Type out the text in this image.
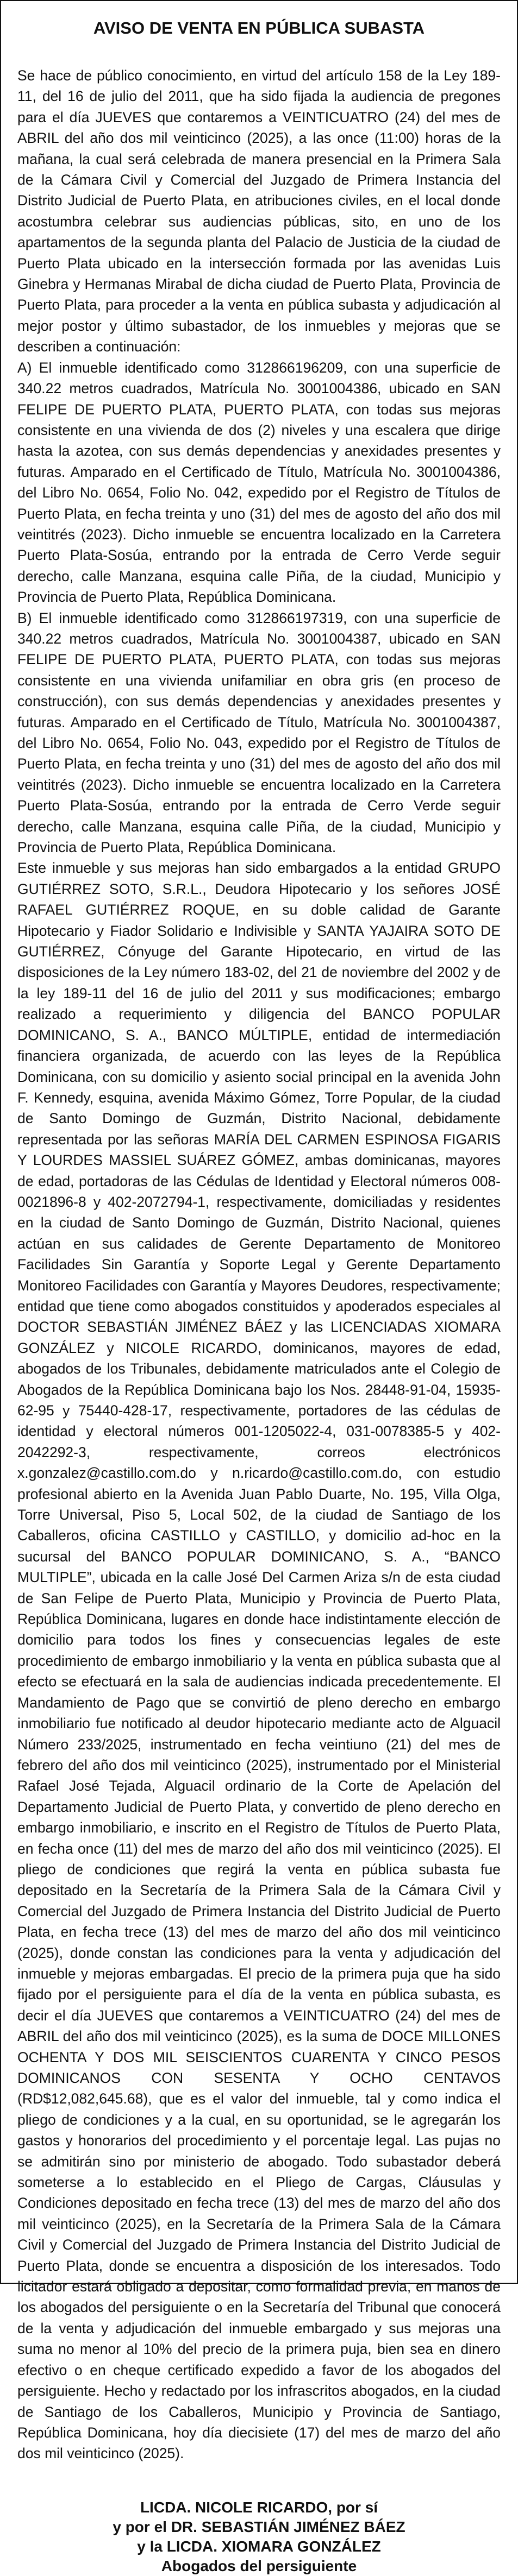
AVISO DE VENTA EN PÚBLICA SUBASTA

Se hace de público conocimiento, en virtud del artículo 158 de la Ley 189-11, del 16 de julio del 2011, que ha sido fijada la audiencia de pregones para el día JUEVES que contaremos a VEINTICUATRO (24) del mes de ABRIL del año dos mil veinticinco (2025), a las once (11:00) horas de la mañana, la cual será celebrada de manera presencial en la Primera Sala de la Cámara Civil y Comercial del Juzgado de Primera Instancia del Distrito Judicial de Puerto Plata, en atribuciones civiles, en el local donde acostumbra celebrar sus audiencias públicas, sito, en uno de los apartamentos de la segunda planta del Palacio de Justicia de la ciudad de Puerto Plata ubicado en la intersección formada por las avenidas Luis Ginebra y Hermanas Mirabal de dicha ciudad de Puerto Plata, Provincia de Puerto Plata, para proceder a la venta en pública subasta y adjudicación al mejor postor y último subastador, de los inmuebles y mejoras que se describen a continuación:

A) El inmueble identificado como 312866196209, con una superficie de 340.22 metros cuadrados, Matrícula No. 3001004386, ubicado en SAN FELIPE DE PUERTO PLATA, PUERTO PLATA, con todas sus mejoras consistente en una vivienda de dos (2) niveles y una escalera que dirige hasta la azotea, con sus demás dependencias y anexidades presentes y futuras. Amparado en el Certificado de Título, Matrícula No. 3001004386, del Libro No. 0654, Folio No. 042, expedido por el Registro de Títulos de Puerto Plata, en fecha treinta y uno (31) del mes de agosto del año dos mil veintitrés (2023). Dicho inmueble se encuentra localizado en la Carretera Puerto Plata-Sosúa, entrando por la entrada de Cerro Verde seguir derecho, calle Manzana, esquina calle Piña, de la ciudad, Municipio y Provincia de Puerto Plata, República Dominicana.

B) El inmueble identificado como 312866197319, con una superficie de 340.22 metros cuadrados, Matrícula No. 3001004387, ubicado en SAN FELIPE DE PUERTO PLATA, PUERTO PLATA, con todas sus mejoras consistente en una vivienda unifamiliar en obra gris (en proceso de construcción), con sus demás dependencias y anexidades presentes y futuras. Amparado en el Certificado de Título, Matrícula No. 3001004387, del Libro No. 0654, Folio No. 043, expedido por el Registro de Títulos de Puerto Plata, en fecha treinta y uno (31) del mes de agosto del año dos mil veintitrés (2023). Dicho inmueble se encuentra localizado en la Carretera Puerto Plata-Sosúa, entrando por la entrada de Cerro Verde seguir derecho, calle Manzana, esquina calle Piña, de la ciudad, Municipio y Provincia de Puerto Plata, República Dominicana.

Este inmueble y sus mejoras han sido embargados a la entidad GRUPO GUTIÉRREZ SOTO, S.R.L., Deudora Hipotecario y los señores JOSÉ RAFAEL GUTIÉRREZ ROQUE, en su doble calidad de Garante Hipotecario y Fiador Solidario e Indivisible y SANTA YAJAIRA SOTO DE GUTIÉRREZ, Cónyuge del Garante Hipotecario, en virtud de las disposiciones de la Ley número 183-02, del 21 de noviembre del 2002 y de la ley 189-11 del 16 de julio del 2011 y sus modificaciones; embargo realizado a requerimiento y diligencia del BANCO POPULAR DOMINICANO, S. A., BANCO MÚLTIPLE, entidad de intermediación financiera organizada, de acuerdo con las leyes de la República Dominicana, con su domicilio y asiento social principal en la avenida John F. Kennedy, esquina, avenida Máximo Gómez, Torre Popular, de la ciudad de Santo Domingo de Guzmán, Distrito Nacional, debidamente representada por las señoras MARÍA DEL CARMEN ESPINOSA FIGARIS Y LOURDES MASSIEL SUÁREZ GÓMEZ, ambas dominicanas, mayores de edad, portadoras de las Cédulas de Identidad y Electoral números 008-0021896-8 y 402-2072794-1, respectivamente, domiciliadas y residentes en la ciudad de Santo Domingo de Guzmán, Distrito Nacional, quienes actúan en sus calidades de Gerente Departamento de Monitoreo Facilidades Sin Garantía y Soporte Legal y Gerente Departamento Monitoreo Facilidades con Garantía y Mayores Deudores, respectivamente; entidad que tiene como abogados constituidos y apoderados especiales al DOCTOR SEBASTIÁN JIMÉNEZ BÁEZ y las LICENCIADAS XIOMARA GONZÁLEZ y NICOLE RICARDO, dominicanos, mayores de edad, abogados de los Tribunales, debidamente matriculados ante el Colegio de Abogados de la República Dominicana bajo los Nos. 28448-91-04, 15935-62-95 y 75440-428-17, respectivamente, portadores de las cédulas de identidad y electoral números 001-1205022-4, 031-0078385-5 y 402-2042292-3, respectivamente, correos electrónicos x.gonzalez@castillo.com.do y n.ricardo@castillo.com.do, con estudio profesional abierto en la Avenida Juan Pablo Duarte, No. 195, Villa Olga, Torre Universal, Piso 5, Local 502, de la ciudad de Santiago de los Caballeros, oficina CASTILLO y CASTILLO, y domicilio ad-hoc en la sucursal del BANCO POPULAR DOMINICANO, S. A., “BANCO MULTIPLE”, ubicada en la calle José Del Carmen Ariza s/n de esta ciudad de San Felipe de Puerto Plata, Municipio y Provincia de Puerto Plata, República Dominicana, lugares en donde hace indistintamente elección de domicilio para todos los fines y consecuencias legales de este procedimiento de embargo inmobiliario y la venta en pública subasta que al efecto se efectuará en la sala de audiencias indicada precedentemente. El Mandamiento de Pago que se convirtió de pleno derecho en embargo inmobiliario fue notificado al deudor hipotecario mediante acto de Alguacil Número 233/2025, instrumentado en fecha veintiuno (21) del mes de febrero del año dos mil veinticinco (2025), instrumentado por el Ministerial Rafael José Tejada, Alguacil ordinario de la Corte de Apelación del Departamento Judicial de Puerto Plata, y convertido de pleno derecho en embargo inmobiliario, e inscrito en el Registro de Títulos de Puerto Plata, en fecha once (11) del mes de marzo del año dos mil veinticinco (2025). El pliego de condiciones que regirá la venta en pública subasta fue depositado en la Secretaría de la Primera Sala de la Cámara Civil y Comercial del Juzgado de Primera Instancia del Distrito Judicial de Puerto Plata, en fecha trece (13) del mes de marzo del año dos mil veinticinco (2025), donde constan las condiciones para la venta y adjudicación del inmueble y mejoras embargadas. El precio de la primera puja que ha sido fijado por el persiguiente para el día de la venta en pública subasta, es decir el día JUEVES que contaremos a VEINTICUATRO (24) del mes de ABRIL del año dos mil veinticinco (2025), es la suma de DOCE MILLONES OCHENTA Y DOS MIL SEISCIENTOS CUARENTA Y CINCO PESOS DOMINICANOS CON SESENTA Y OCHO CENTAVOS (RD$12,082,645.68), que es el valor del inmueble, tal y como indica el pliego de condiciones y a la cual, en su oportunidad, se le agregarán los gastos y honorarios del procedimiento y el porcentaje legal. Las pujas no se admitirán sino por ministerio de abogado. Todo subastador deberá someterse a lo establecido en el Pliego de Cargas, Cláusulas y Condiciones depositado en fecha trece (13) del mes de marzo del año dos mil veinticinco (2025), en la Secretaría de la Primera Sala de la Cámara Civil y Comercial del Juzgado de Primera Instancia del Distrito Judicial de Puerto Plata, donde se encuentra a disposición de los interesados. Todo licitador estará obligado a depositar, como formalidad previa, en manos de los abogados del persiguiente o en la Secretaría del Tribunal que conocerá de la venta y adjudicación del inmueble embargado y sus mejoras una suma no menor al 10% del precio de la primera puja, bien sea en dinero efectivo o en cheque certificado expedido a favor de los abogados del persiguiente. Hecho y redactado por los infrascritos abogados, en la ciudad de Santiago de los Caballeros, Municipio y Provincia de Santiago, República Dominicana, hoy día diecisiete (17) del mes de marzo del año dos mil veinticinco (2025).

LICDA. NICOLE RICARDO, por sí
y por el DR. SEBASTIÁN JIMÉNEZ BÁEZ
y la LICDA. XIOMARA GONZÁLEZ
Abogados del persiguiente
